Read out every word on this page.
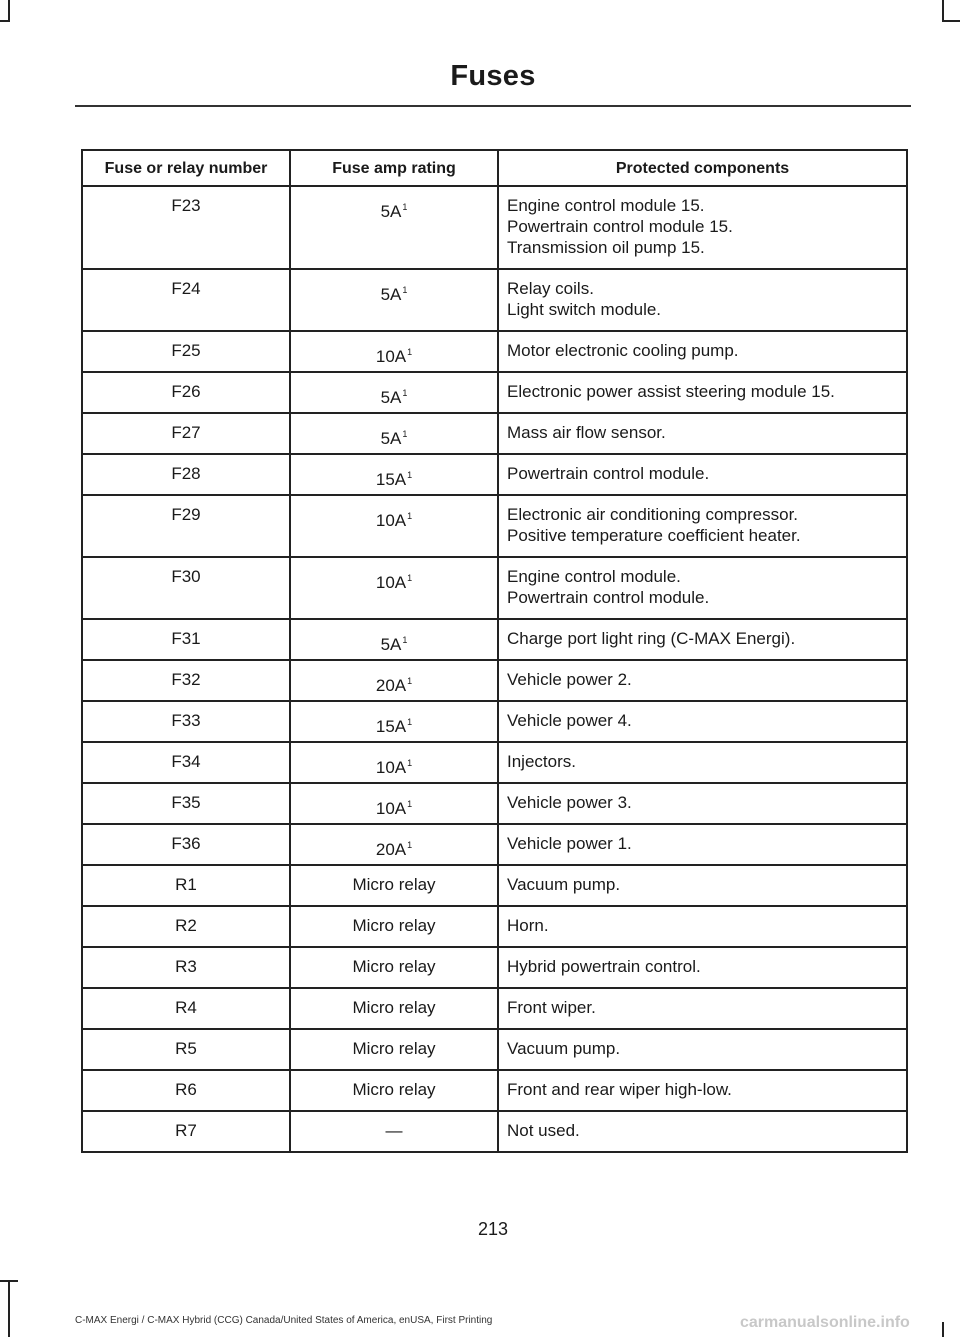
Fuses
Fuse or relay number	Fuse amp rating	Protected components
F23	$5A^1$	Engine control module 15.
Powertrain control module 15.
Transmission oil pump 15.

F24	$5A^1$	Relay coils.
Light switch module.

F25	$10A^1$	Motor electronic cooling pump.

F26	$5A^1$	Electronic power assist steering module 15.

F27	$5A^1$	Mass air flow sensor.

F28	$15A^1$	Powertrain control module.

F29	$10A^1$	Electronic air conditioning compressor.
Positive temperature coefficient heater.

F30	$10A^1$	Engine control module.
Powertrain control module.

F31	$5A^1$	Charge port light ring (C-MAX Energi).

F32	$20A^1$	Vehicle power 2.

F33	$15A^1$	Vehicle power 4.

F34	$10A^1$	Injectors.

F35	$10A^1$	Vehicle power 3.

F36	$20A^1$	Vehicle power 1.

R1	Micro relay	Vacuum pump.

R2	Micro relay	Horn.

R3	Micro relay	Hybrid powertrain control.

R4	Micro relay	Front wiper.

R5	Micro relay	Vacuum pump.

R6	Micro relay	Front and rear wiper high-low.

R7	—	Not used.
213
C-MAX Energi / C-MAX Hybrid (CCG) Canada/United States of America, enUSA, First Printing	carmanualsonline.info
